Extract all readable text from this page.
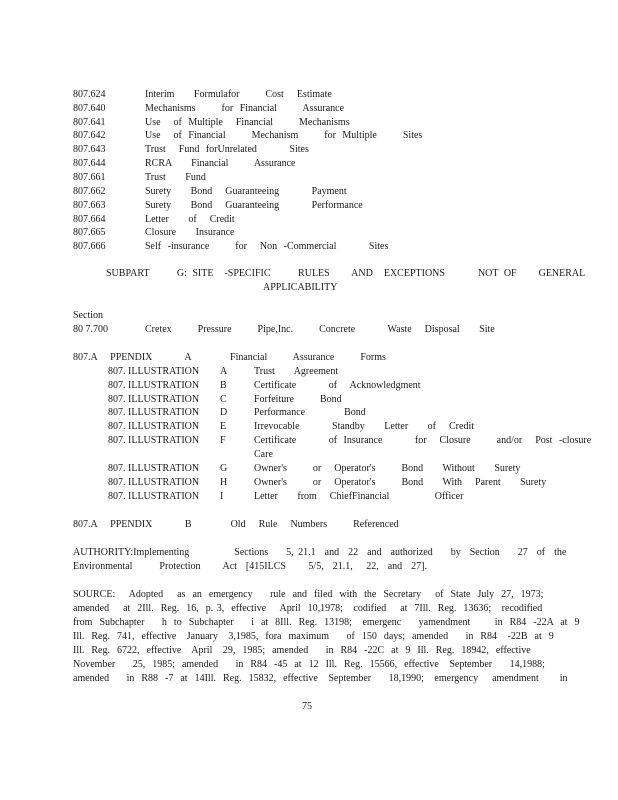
807.624	Interim   Formulafor    Cost  Estimate
807.640	Mechanisms    for Financial    Assurance
807.641	Use  of Multiple  Financial    Mechanisms
807.642	Use  of Financial    Mechanism    for Multiple    Sites
807.643	Trust  Fund forUnrelated     Sites
807.644	RCRA   Financial    Assurance
807.661	Trust   Fund
807.662	Surety   Bond  Guaranteeing     Payment
807.663	Surety   Bond  Guaranteeing     Performance
807.664	Letter   of  Credit
807.665	Closure   Insurance
807.666	Self -insurance    for  Non -Commercial     Sites
SUBPART     G: SITE  -SPECIFIC     RULES    AND  EXCEPTIONS      NOT OF    GENERAL
APPLICABILITY
Section
80 7.700	Cretex    Pressure    Pipe,Inc.    Concrete     Waste  Disposal   Site
807.A  PPENDIX     A      Financial    Assurance    Forms
807. ILLUSTRATION A	Trust   Agreement
807. ILLUSTRATION B	Certificate     of  Acknowledgment
807. ILLUSTRATION C	Forfeiture    Bond
807. ILLUSTRATION D	Performance      Bond
807. ILLUSTRATION E	Irrevocable     Standby   Letter   of  Credit
807. ILLUSTRATION F	Certificate     of Insurance     for  Closure    and/or  Post -closure
Care
807. ILLUSTRATION G	Owner's    or  Operator's    Bond   Without   Surety
807. ILLUSTRATION H	Owner's    or  Operator's    Bond   With  Parent   Surety
807. ILLUSTRATION I	Letter   from  ChiefFinancial       Officer
807.A  PPENDIX     B      Old  Rule  Numbers    Referenced
AUTHORITY:Implementing          Sections    5, 21.1  and  22  and  authorized    by  Section    27  of  the
Environmental      Protection     Act  [415ILCS     5/5,  21.1,   22,  and  27].
SOURCE:    Adopted    as  an  emergency     rule  and  filed  with  the  Secretary    of  State  July  27,  1973;
amended    at  2Ill.  Reg.  16,  p. 3,  effective    April  10,1978;   codified    at  7Ill.  Reg.  13636;   recodified
from  Subchapter     h  to  Subchapter     i  at  8Ill.  Reg.  13198;   emergenc     yamendment       in  R84  -22A  at  9
Ill.  Reg.  741,  effective   January   3,1985,  fora  maximum     of  150  days;  amended     in  R84   -22B  at  9
Ill.  Reg.  6722,  effective   April   29,  1985;  amended     in  R84  -22C  at  9  Ill.  Reg.  18942,  effective
November     25,  1985;  amended     in  R84  -45  at  12  Ill.  Reg.  15566,  effective   September     14,1988;
amended     in  R88  -7  at  14Ill.  Reg.  15832,  effective   September     18,1990;   emergency    amendment      in
75
